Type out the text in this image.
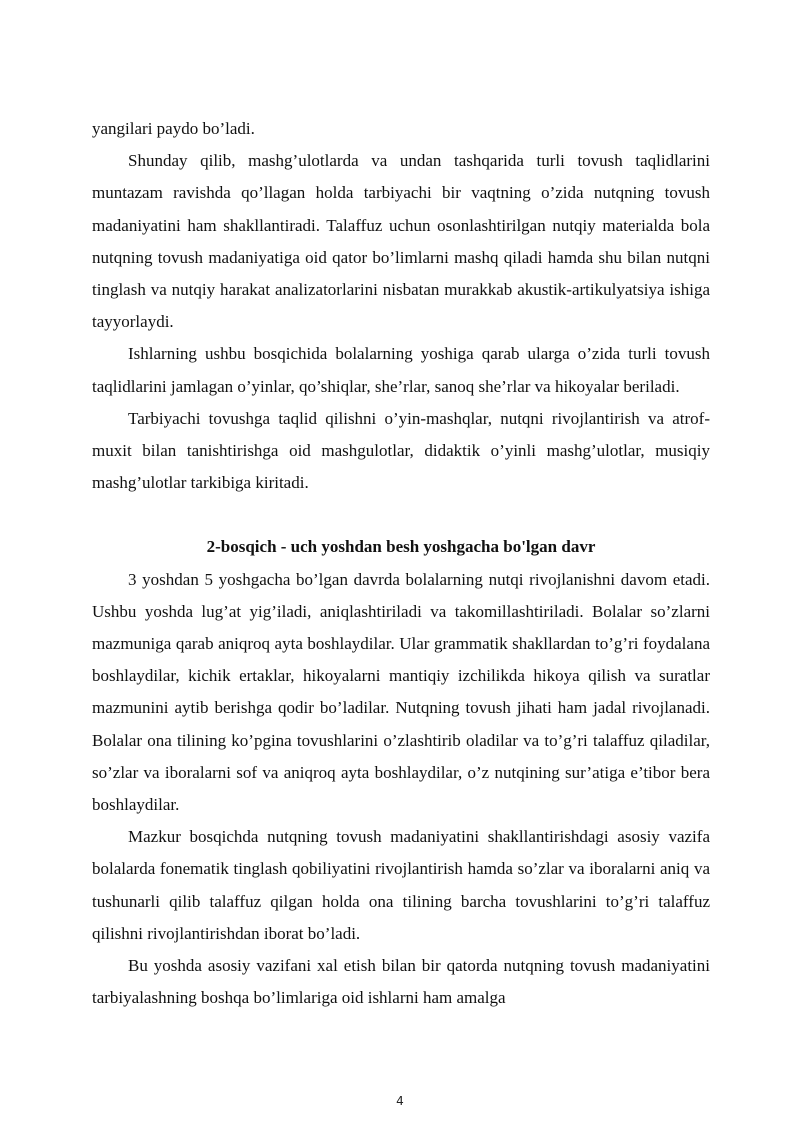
yangilari paydo bo’ladi.

Shunday qilib, mashg’ulotlarda va undan tashqarida turli tovush taqlidlarini muntazam ravishda qo’llagan holda tarbiyachi bir vaqtning o’zida nutqning tovush madaniyatini ham shakllantiradi. Talaffuz uchun osonlashtirilgan nutqiy materialda bola nutqning tovush madaniyatiga oid qator bo’limlarni mashq qiladi hamda shu bilan nutqni tinglash va nutqiy harakat analizatorlarini nisbatan murakkab akustik-artikulyatsiya ishiga tayyorlaydi.

Ishlarning ushbu bosqichida bolalarning yoshiga qarab ularga o’zida turli tovush taqlidlarini jamlagan o’yinlar, qo’shiqlar, she’rlar, sanoq she’rlar va hikoyalar beriladi.

Tarbiyachi tovushga taqlid qilishni o’yin-mashqlar, nutqni rivojlantirish va atrof-muxit bilan tanishtirishga oid mashgulotlar, didaktik o’yinli mashg’ulotlar, musiqiy mashg’ulotlar tarkibiga kiritadi.

2-bosqich - uch yoshdan besh yoshgacha bo'lgan davr

3 yoshdan 5 yoshgacha bo’lgan davrda bolalarning nutqi rivojlanishni davom etadi. Ushbu yoshda lug’at yig’iladi, aniqlashtiriladi va takomillashtiriladi. Bolalar so’zlarni mazmuniga qarab aniqroq ayta boshlaydilar. Ular grammatik shakllardan to’g’ri foydalana boshlaydilar, kichik ertaklar, hikoyalarni mantiqiy izchilikda hikoya qilish va suratlar mazmunini aytib berishga qodir bo’ladilar. Nutqning tovush jihati ham jadal rivojlanadi. Bolalar ona tilining ko’pgina tovushlarini o’zlashtirib oladilar va to’g’ri talaffuz qiladilar, so’zlar va iboralarni sof va aniqroq ayta boshlaydilar, o’z nutqining sur’atiga e’tibor bera boshlaydilar.

Mazkur bosqichda nutqning tovush madaniyatini shakllantirishdagi asosiy vazifa bolalarda fonematik tinglash qobiliyatini rivojlantirish hamda so’zlar va iboralarni aniq va tushunarli qilib talaffuz qilgan holda ona tilining barcha tovushlarini to’g’ri talaffuz qilishni rivojlantirishdan iborat bo’ladi.

Bu yoshda asosiy vazifani xal etish bilan bir qatorda nutqning tovush madaniyatini tarbiyalashning boshqa bo’limlariga oid ishlarni ham amalga

4
